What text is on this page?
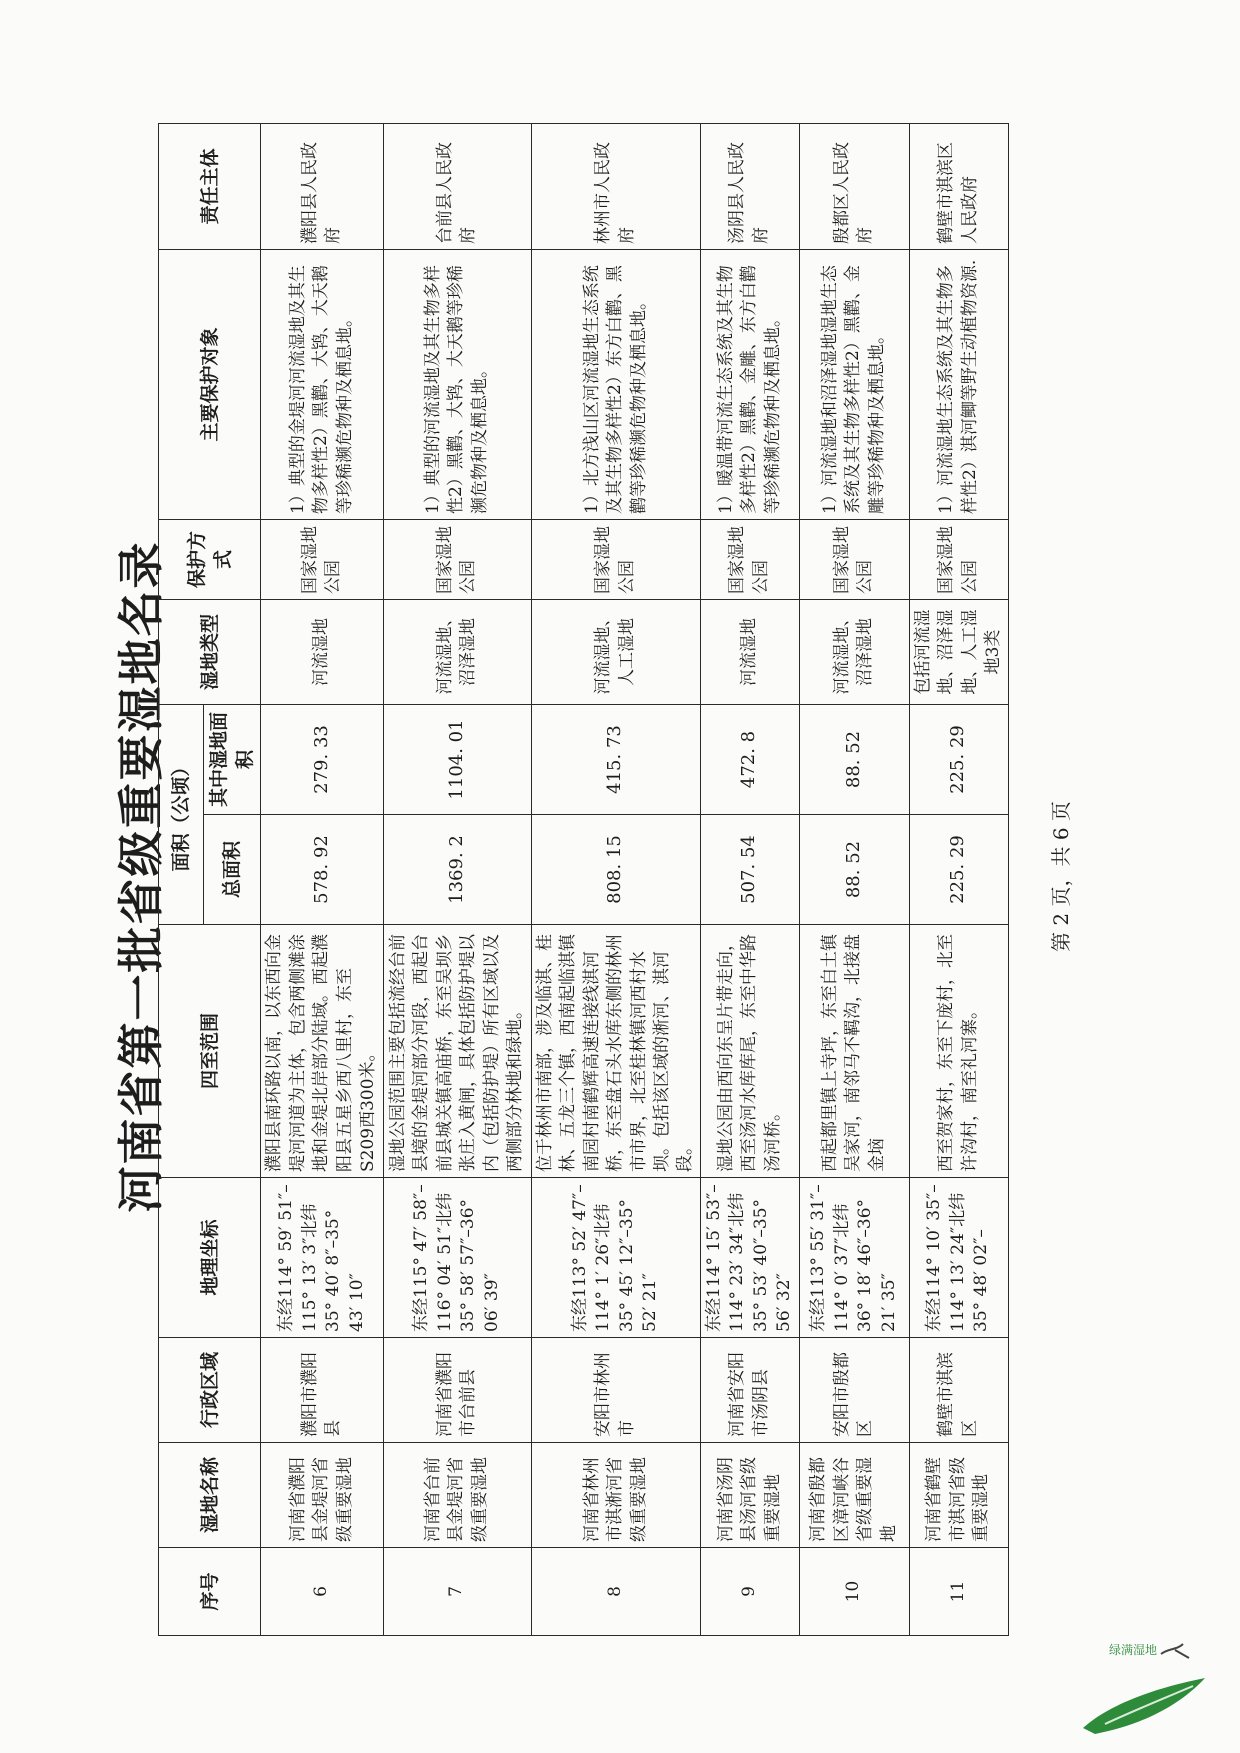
河南省第一批省级重要湿地名录
序号	湿地名称	行政区域	地理坐标	四至范围	面积（公顷）		湿地类型	保护方式	主要保护对象	责任主体
					总面积	其中湿地面积				
6	河南省濮阳县金堤河省级重要湿地	濮阳市濮阳县	东经114° 59′ 51″–115° 13′ 3″北纬35° 40′ 8″–35° 43′ 10″	濮阳县南环路以南，以东西向金堤河河道为主体，包含两侧滩涂地和金堤北岸部分陆域。西起濮阳县五星乡西八里村，东至S209西300米。	578. 92	279. 33	河流湿地	国家湿地公园	1）典型的金堤河河流湿地及其生物多样性2）黑鹳、大鸨、大天鹅等珍稀濒危物种及栖息地。	濮阳县人民政府
7	河南省台前县金堤河省级重要湿地	河南省濮阳市台前县	东经115° 47′ 58″–116° 04′ 51″北纬35° 58′ 57″–36° 06′ 39″	湿地公园范围主要包括流经台前县境的金堤河部分河段，西起台前县城关镇高庙桥，东至吴坝乡张庄入黄闸，具体包括防护堤以内（包括防护堤）所有区域以及两侧部分林地和绿地。	1369. 2	1104. 01	河流湿地、沼泽湿地	国家湿地公园	1）典型的河流湿地及其生物多样性2）黑鹳、大鸨、大天鹅等珍稀濒危物种及栖息地。	台前县人民政府
8	河南省林州市淇淅河省级重要湿地	安阳市林州市	东经113° 52′ 47″–114° 1′ 26″北纬35° 45′ 12″–35° 52′ 21″	位于林州市南部，涉及临淇、桂林、五龙三个镇，西南起临淇镇南园村南鹤辉高速连接线淇河桥，东至盘石头水库东侧的林州市市界，北至桂林镇河西村水坝。包括该区域的淅河、淇河段。	808. 15	415. 73	河流湿地、人工湿地	国家湿地公园	1）北方浅山区河流湿地生态系统及其生物多样性2）东方白鹳、黑鹳等珍稀濒危物种及栖息地。	林州市人民政府
9	河南省汤阴县汤河省级重要湿地	河南省安阳市汤阴县	东经114° 15′ 53″–114° 23′ 34″北纬35° 53′ 40″–35° 56′ 32″	湿地公园由西向东呈片带走向，西至汤河水库库尾，东至中华路汤河桥。	507. 54	472. 8	河流湿地	国家湿地公园	1）暖温带河流生态系统及其生物多样性2）黑鹳、金雕、东方白鹳等珍稀濒危物种及栖息地。	汤阴县人民政府
10	河南省殷都区漳河峡谷省级重要湿地	安阳市殷都区	东经113° 55′ 31″–114° 0′ 37″北纬36° 18′ 46″–36° 21′ 35″	西起都里镇上寺坪，东至白土镇吴家河，南邻马不羁沟，北接盘金垴	88. 52	88. 52	河流湿地、沼泽湿地	国家湿地公园	1）河流湿地和沼泽湿地湿地生态系统及其生物多样性2）黑鹳、金雕等珍稀物种及栖息地。	殷都区人民政府
11	河南省鹤壁市淇河省级重要湿地	鹤壁市淇滨区	东经114° 10′ 35″–114° 13′ 24″北纬35° 48′ 02″–	西至贺家村，东至下庞村，北至许沟村，南至礼河寨。	225. 29	225. 29	包括河流湿地、沼泽湿地、人工湿地3类	国家湿地公园	1）河流湿地生态系统及其生物多样性2）淇河鲫等野生动植物资源.	鹤壁市淇滨区人民政府
第 2 页，共 6 页
绿满湿地
